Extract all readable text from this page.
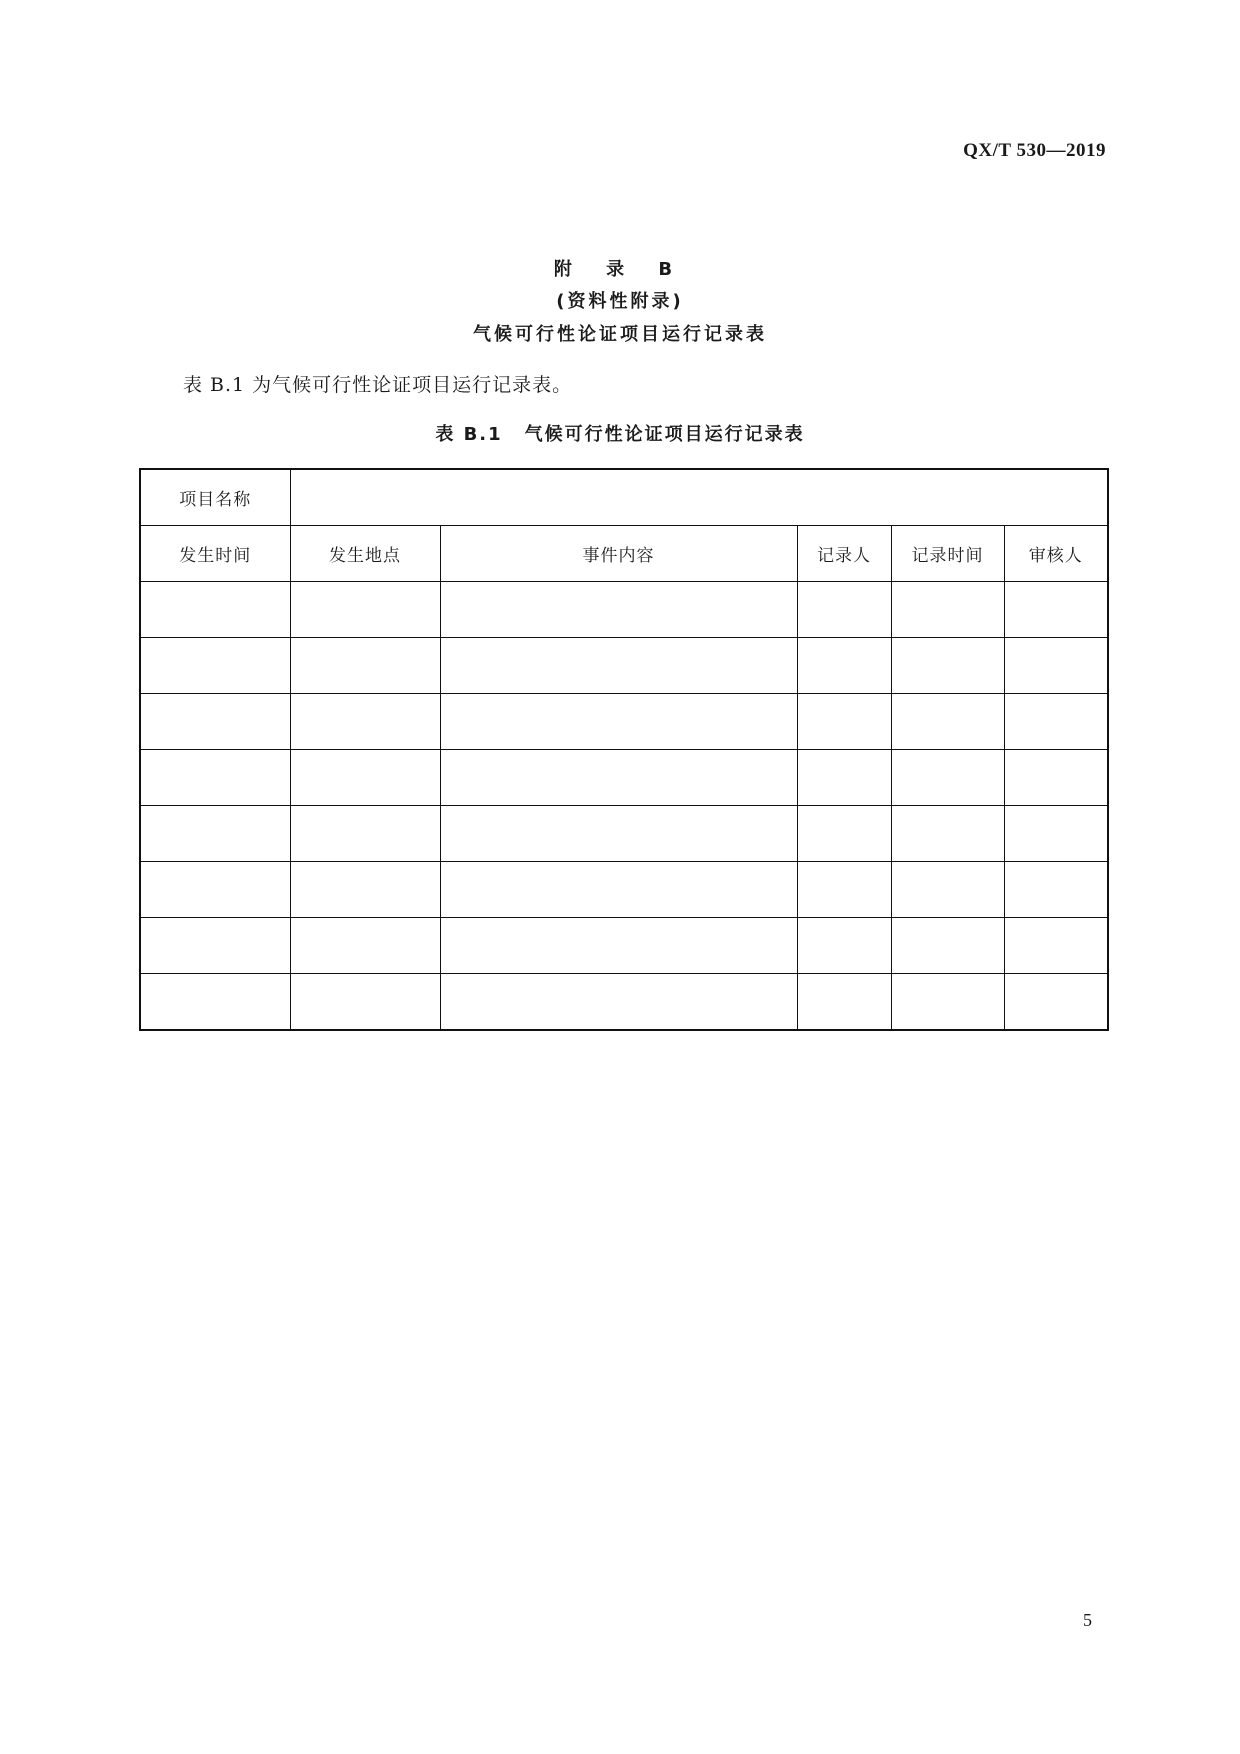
QX/T 530—2019
附 录 B
(资料性附录)
气候可行性论证项目运行记录表
表 B.1 为气候可行性论证项目运行记录表。
表 B.1 气候可行性论证项目运行记录表
项目名称					
发生时间	发生地点	事件内容	记录人	记录时间	审核人

5
